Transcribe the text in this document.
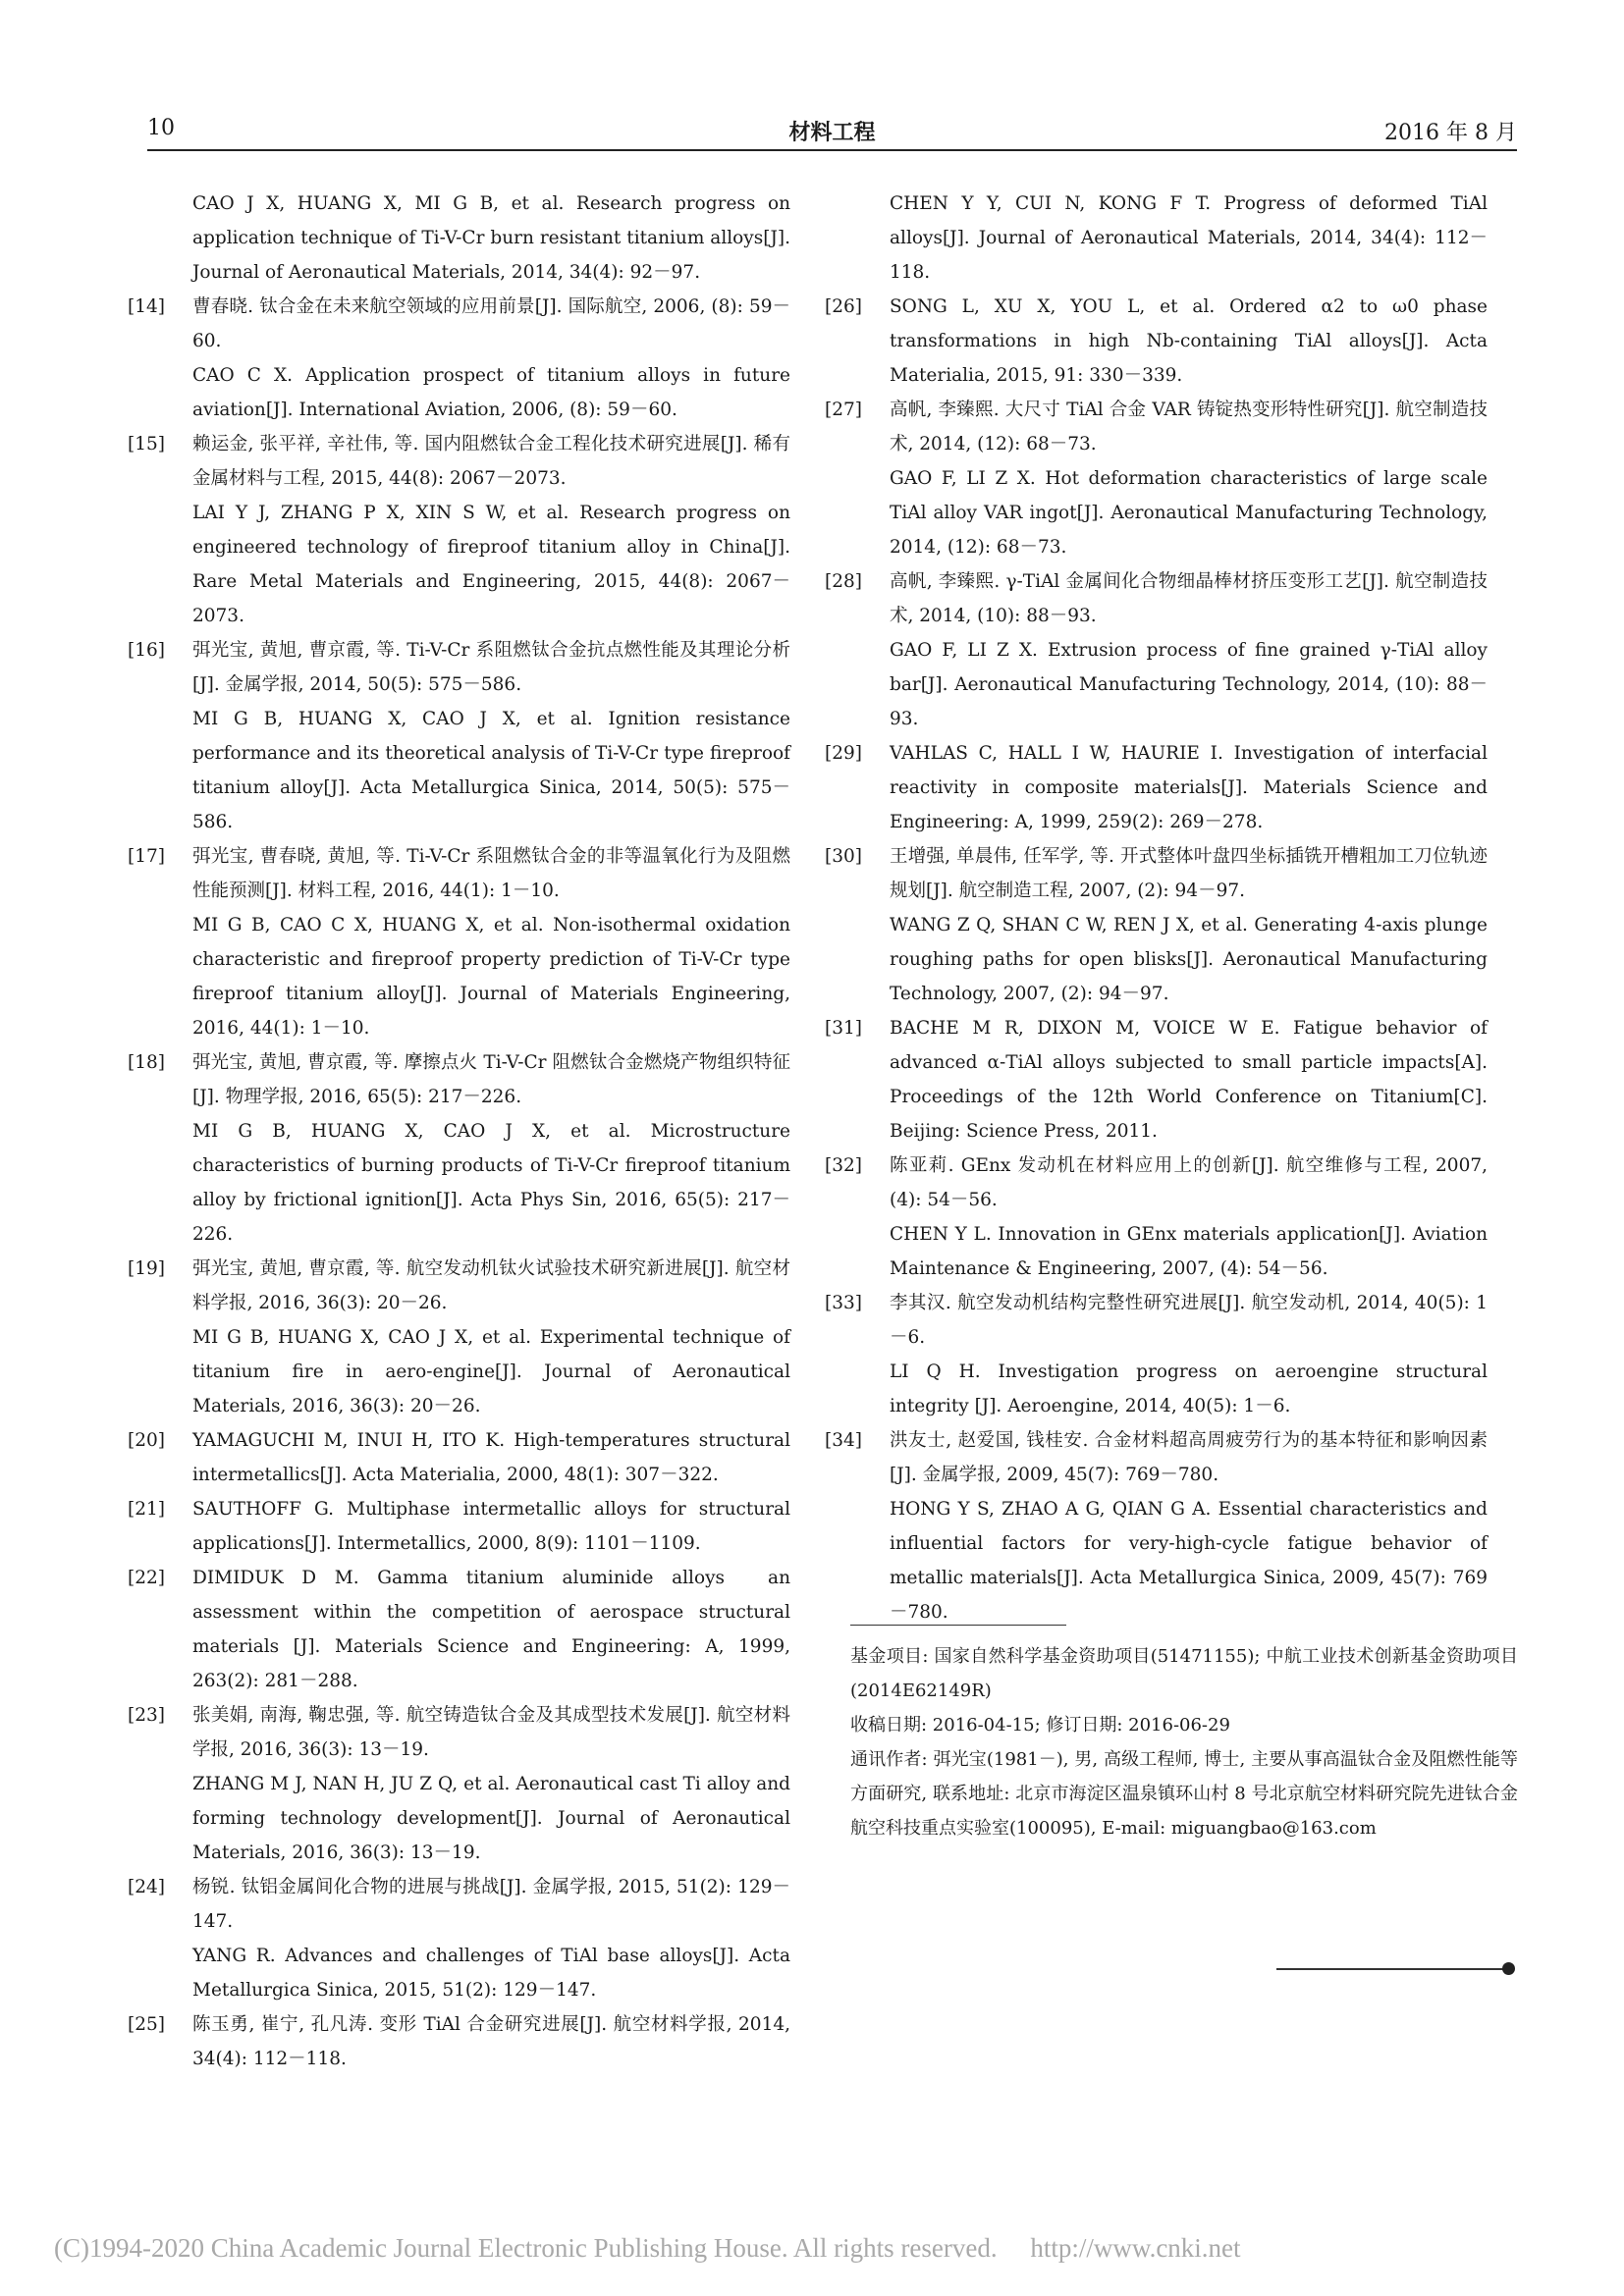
10	材料工程	2016 年 8 月

CAO J X, HUANG X, MI G B, et al. Research progress on application technique of Ti-V-Cr burn resistant titanium alloys[J]. Journal of Aeronautical Materials, 2014, 34(4): 92－97.

[14]	曹春晓. 钛合金在未来航空领域的应用前景[J]. 国际航空, 2006, (8): 59－60.

CAO C X. Application prospect of titanium alloys in future aviation[J]. International Aviation, 2006, (8): 59－60.

[15]	赖运金, 张平祥, 辛社伟, 等. 国内阻燃钛合金工程化技术研究进展[J]. 稀有金属材料与工程, 2015, 44(8): 2067－2073.

LAI Y J, ZHANG P X, XIN S W, et al. Research progress on engineered technology of fireproof titanium alloy in China[J]. Rare Metal Materials and Engineering, 2015, 44(8): 2067－2073.

[16]	弭光宝, 黄旭, 曹京霞, 等. Ti-V-Cr 系阻燃钛合金抗点燃性能及其理论分析[J]. 金属学报, 2014, 50(5): 575－586.

MI G B, HUANG X, CAO J X, et al. Ignition resistance performance and its theoretical analysis of Ti-V-Cr type fireproof titanium alloy[J]. Acta Metallurgica Sinica, 2014, 50(5): 575－586.

[17]	弭光宝, 曹春晓, 黄旭, 等. Ti-V-Cr 系阻燃钛合金的非等温氧化行为及阻燃性能预测[J]. 材料工程, 2016, 44(1): 1－10.

MI G B, CAO C X, HUANG X, et al. Non-isothermal oxidation characteristic and fireproof property prediction of Ti-V-Cr type fireproof titanium alloy[J]. Journal of Materials Engineering, 2016, 44(1): 1－10.

[18]	弭光宝, 黄旭, 曹京霞, 等. 摩擦点火 Ti-V-Cr 阻燃钛合金燃烧产物组织特征[J]. 物理学报, 2016, 65(5): 217－226.

MI G B, HUANG X, CAO J X, et al. Microstructure characteristics of burning products of Ti-V-Cr fireproof titanium alloy by frictional ignition[J]. Acta Phys Sin, 2016, 65(5): 217－226.

[19]	弭光宝, 黄旭, 曹京霞, 等. 航空发动机钛火试验技术研究新进展[J]. 航空材料学报, 2016, 36(3): 20－26.

MI G B, HUANG X, CAO J X, et al. Experimental technique of titanium fire in aero-engine[J]. Journal of Aeronautical Materials, 2016, 36(3): 20－26.

[20]	YAMAGUCHI M, INUI H, ITO K. High-temperatures structural intermetallics[J]. Acta Materialia, 2000, 48(1): 307－322.

[21]	SAUTHOFF G. Multiphase intermetallic alloys for structural applications[J]. Intermetallics, 2000, 8(9): 1101－1109.

[22]	DIMIDUK D M. Gamma titanium aluminide alloys　an assessment within the competition of aerospace structural materials [J]. Materials Science and Engineering: A, 1999, 263(2): 281－288.

[23]	张美娟, 南海, 鞠忠强, 等. 航空铸造钛合金及其成型技术发展[J]. 航空材料学报, 2016, 36(3): 13－19.

ZHANG M J, NAN H, JU Z Q, et al. Aeronautical cast Ti alloy and forming technology development[J]. Journal of Aeronautical Materials, 2016, 36(3): 13－19.

[24]	杨锐. 钛铝金属间化合物的进展与挑战[J]. 金属学报, 2015, 51(2): 129－147.

YANG R. Advances and challenges of TiAl base alloys[J]. Acta Metallurgica Sinica, 2015, 51(2): 129－147.

[25]	陈玉勇, 崔宁, 孔凡涛. 变形 TiAl 合金研究进展[J]. 航空材料学报, 2014, 34(4): 112－118.

CHEN Y Y, CUI N, KONG F T. Progress of deformed TiAl alloys[J]. Journal of Aeronautical Materials, 2014, 34(4): 112－118.

[26]	SONG L, XU X, YOU L, et al. Ordered α2 to ω0 phase transformations in high Nb-containing TiAl alloys[J]. Acta Materialia, 2015, 91: 330－339.

[27]	高帆, 李臻熙. 大尺寸 TiAl 合金 VAR 铸锭热变形特性研究[J]. 航空制造技术, 2014, (12): 68－73.

GAO F, LI Z X. Hot deformation characteristics of large scale TiAl alloy VAR ingot[J]. Aeronautical Manufacturing Technology, 2014, (12): 68－73.

[28]	高帆, 李臻熙. γ-TiAl 金属间化合物细晶棒材挤压变形工艺[J]. 航空制造技术, 2014, (10): 88－93.

GAO F, LI Z X. Extrusion process of fine grained γ-TiAl alloy bar[J]. Aeronautical Manufacturing Technology, 2014, (10): 88－93.

[29]	VAHLAS C, HALL I W, HAURIE I. Investigation of interfacial reactivity in composite materials[J]. Materials Science and Engineering: A, 1999, 259(2): 269－278.

[30]	王增强, 单晨伟, 任军学, 等. 开式整体叶盘四坐标插铣开槽粗加工刀位轨迹规划[J]. 航空制造工程, 2007, (2): 94－97.

WANG Z Q, SHAN C W, REN J X, et al. Generating 4-axis plunge roughing paths for open blisks[J]. Aeronautical Manufacturing Technology, 2007, (2): 94－97.

[31]	BACHE M R, DIXON M, VOICE W E. Fatigue behavior of advanced α-TiAl alloys subjected to small particle impacts[A]. Proceedings of the 12th World Conference on Titanium[C]. Beijing: Science Press, 2011.

[32]	陈亚莉. GEnx 发动机在材料应用上的创新[J]. 航空维修与工程, 2007, (4): 54－56.

CHEN Y L. Innovation in GEnx materials application[J]. Aviation Maintenance & Engineering, 2007, (4): 54－56.

[33]	李其汉. 航空发动机结构完整性研究进展[J]. 航空发动机, 2014, 40(5): 1－6.

LI Q H. Investigation progress on aeroengine structural integrity [J]. Aeroengine, 2014, 40(5): 1－6.

[34]	洪友士, 赵爱国, 钱桂安. 合金材料超高周疲劳行为的基本特征和影响因素[J]. 金属学报, 2009, 45(7): 769－780.

HONG Y S, ZHAO A G, QIAN G A. Essential characteristics and influential factors for very-high-cycle fatigue behavior of metallic materials[J]. Acta Metallurgica Sinica, 2009, 45(7): 769－780.

基金项目: 国家自然科学基金资助项目(51471155); 中航工业技术创新基金资助项目(2014E62149R)

收稿日期: 2016-04-15; 修订日期: 2016-06-29

通讯作者: 弭光宝(1981－), 男, 高级工程师, 博士, 主要从事高温钛合金及阻燃性能等方面研究, 联系地址: 北京市海淀区温泉镇环山村 8 号北京航空材料研究院先进钛合金航空科技重点实验室(100095), E-mail: miguangbao@163.com

(C)1994-2020 China Academic Journal Electronic Publishing House. All rights reserved.　 http://www.cnki.net
